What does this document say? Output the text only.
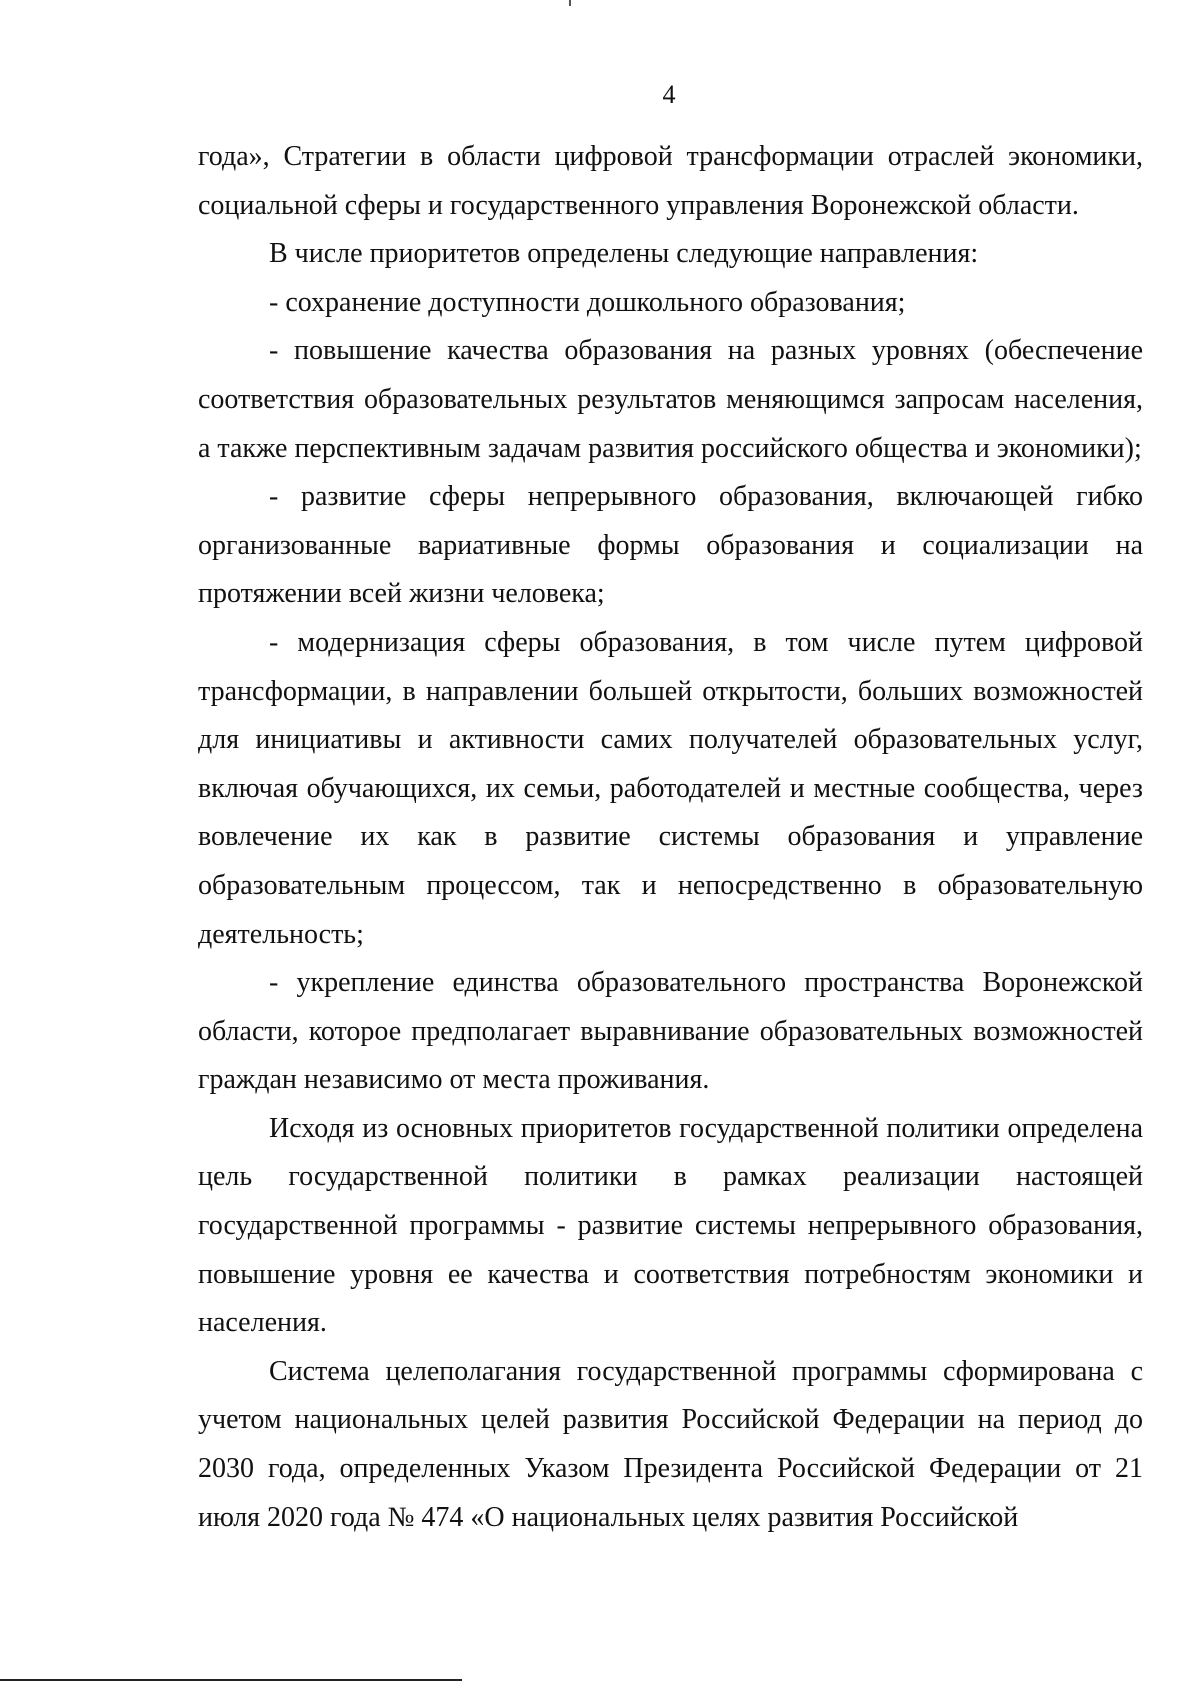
4

года», Стратегии в области цифровой трансформации отраслей экономики, социальной сферы и государственного управления Воронежской области.

В числе приоритетов определены следующие направления:

- сохранение доступности дошкольного образования;

- повышение качества образования на разных уровнях (обеспечение соответствия образовательных результатов меняющимся запросам населения, а также перспективным задачам развития российского общества и экономики);

- развитие сферы непрерывного образования, включающей гибко организованные вариативные формы образования и социализации на протяжении всей жизни человека;

- модернизация сферы образования, в том числе путем цифровой трансформации, в направлении большей открытости, больших возможностей для инициативы и активности самих получателей образовательных услуг, включая обучающихся, их семьи, работодателей и местные сообщества, через вовлечение их как в развитие системы образования и управление образовательным процессом, так и непосредственно в образовательную деятельность;

- укрепление единства образовательного пространства Воронежской области, которое предполагает выравнивание образовательных возможностей граждан независимо от места проживания.

Исходя из основных приоритетов государственной политики определена цель государственной политики в рамках реализации настоящей государственной программы - развитие системы непрерывного образования, повышение уровня ее качества и соответствия потребностям экономики и населения.

Система целеполагания государственной программы сформирована с учетом национальных целей развития Российской Федерации на период до 2030 года, определенных Указом Президента Российской Федерации от 21 июля 2020 года № 474 «О национальных целях развития Российской
